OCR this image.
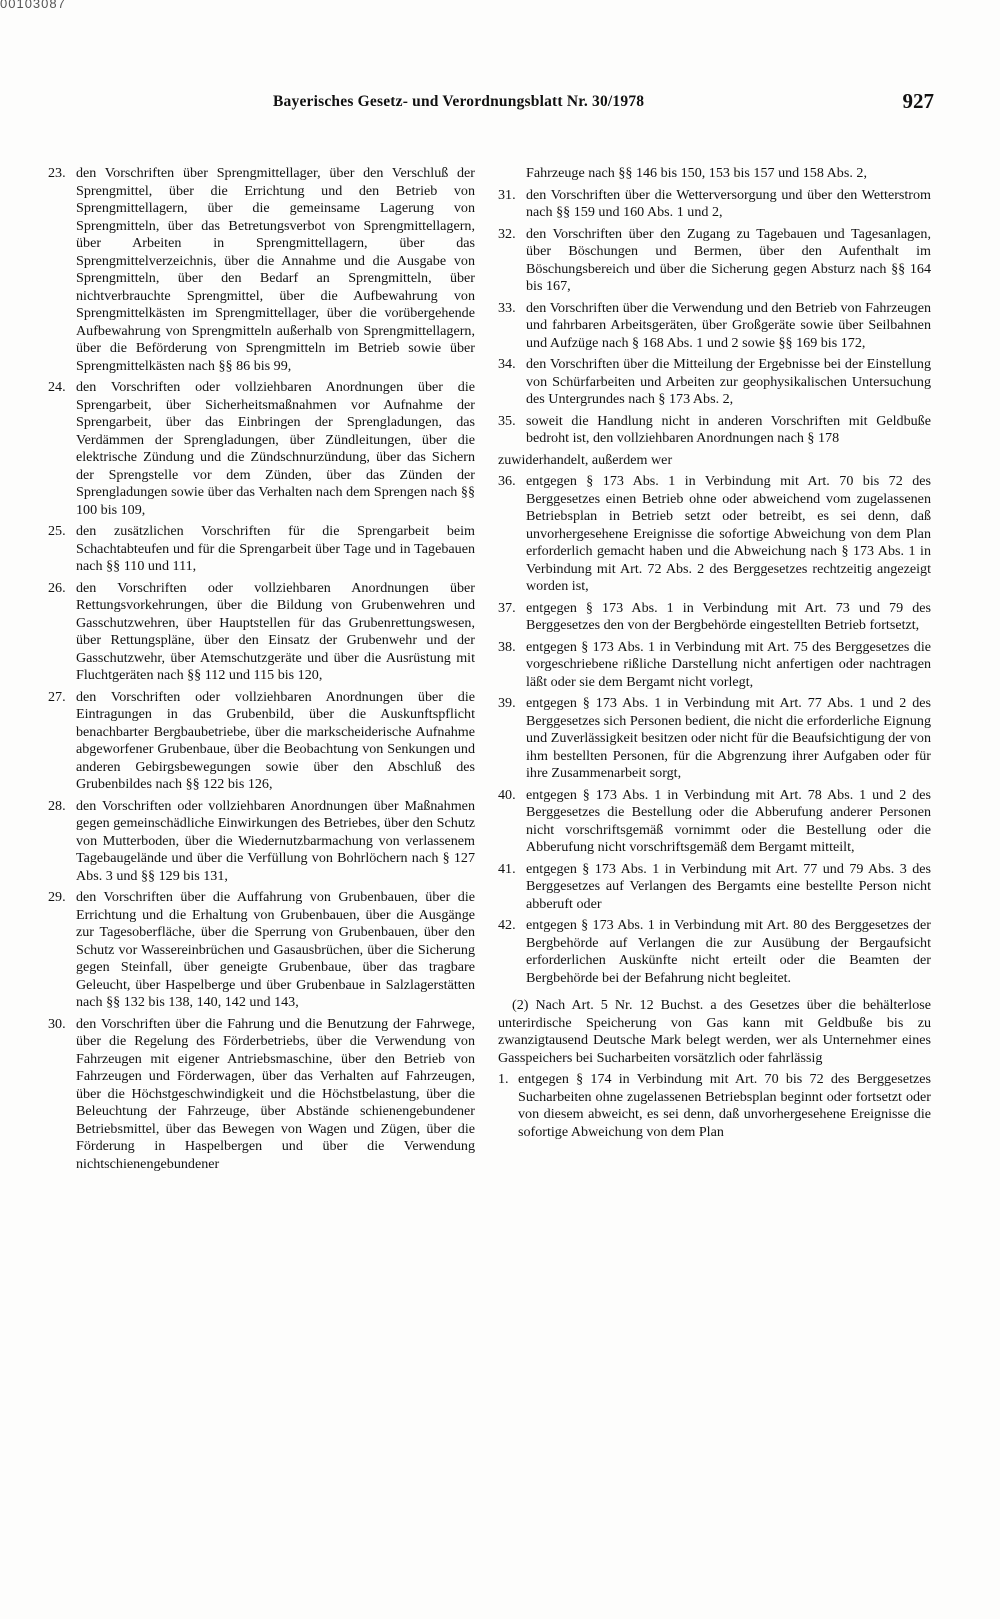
00103087
Bayerisches Gesetz- und Verordnungsblatt Nr. 30/1978	927
23. den Vorschriften über Sprengmittellager, über den Verschluß der Sprengmittel, über die Errichtung und den Betrieb von Sprengmittellagern, über die gemeinsame Lagerung von Sprengmitteln, über das Betretungsverbot von Sprengmittellagern, über Arbeiten in Sprengmittellagern, über das Sprengmittelverzeichnis, über die Annahme und die Ausgabe von Sprengmitteln, über den Bedarf an Sprengmitteln, über nichtverbrauchte Sprengmittel, über die Aufbewahrung von Sprengmittelkästen im Sprengmittellager, über die vorübergehende Aufbewahrung von Sprengmitteln außerhalb von Sprengmittellagern, über die Beförderung von Sprengmitteln im Betrieb sowie über Sprengmittelkästen nach §§ 86 bis 99,
24. den Vorschriften oder vollziehbaren Anordnungen über die Sprengarbeit, über Sicherheitsmaßnahmen vor Aufnahme der Sprengarbeit, über das Einbringen der Sprengladungen, das Verdämmen der Sprengladungen, über Zündleitungen, über die elektrische Zündung und die Zündschnurzündung, über das Sichern der Sprengstelle vor dem Zünden, über das Zünden der Sprengladungen sowie über das Verhalten nach dem Sprengen nach §§ 100 bis 109,
25. den zusätzlichen Vorschriften für die Sprengarbeit beim Schachtabteufen und für die Sprengarbeit über Tage und in Tagebauen nach §§ 110 und 111,
26. den Vorschriften oder vollziehbaren Anordnungen über Rettungsvorkehrungen, über die Bildung von Grubenwehren und Gasschutzwehren, über Hauptstellen für das Grubenrettungswesen, über Rettungspläne, über den Einsatz der Grubenwehr und der Gasschutzwehr, über Atemschutzgeräte und über die Ausrüstung mit Fluchtgeräten nach §§ 112 und 115 bis 120,
27. den Vorschriften oder vollziehbaren Anordnungen über die Eintragungen in das Grubenbild, über die Auskunftspflicht benachbarter Bergbaubetriebe, über die markscheiderische Aufnahme abgeworfener Grubenbaue, über die Beobachtung von Senkungen und anderen Gebirgsbewegungen sowie über den Abschluß des Grubenbildes nach §§ 122 bis 126,
28. den Vorschriften oder vollziehbaren Anordnungen über Maßnahmen gegen gemeinschädliche Einwirkungen des Betriebes, über den Schutz von Mutterboden, über die Wiedernutzbarmachung von verlassenem Tagebaugelände und über die Verfüllung von Bohrlöchern nach § 127 Abs. 3 und §§ 129 bis 131,
29. den Vorschriften über die Auffahrung von Grubenbauen, über die Errichtung und die Erhaltung von Grubenbauen, über die Ausgänge zur Tagesoberfläche, über die Sperrung von Grubenbauen, über den Schutz vor Wassereinbrüchen und Gasausbrüchen, über die Sicherung gegen Steinfall, über geneigte Grubenbaue, über das tragbare Geleucht, über Haspelberge und über Grubenbaue in Salzlagerstätten nach §§ 132 bis 138, 140, 142 und 143,
30. den Vorschriften über die Fahrung und die Benutzung der Fahrwege, über die Regelung des Förderbetriebs, über die Verwendung von Fahrzeugen mit eigener Antriebsmaschine, über den Betrieb von Fahrzeugen und Förderwagen, über das Verhalten auf Fahrzeugen, über die Höchstgeschwindigkeit und die Höchstbelastung, über die Beleuchtung der Fahrzeuge, über Abstände schienengebundener Betriebsmittel, über das Bewegen von Wagen und Zügen, über die Förderung in Haspelbergen und über die Verwendung nichtschienengebundener
Fahrzeuge nach §§ 146 bis 150, 153 bis 157 und 158 Abs. 2,
31. den Vorschriften über die Wetterversorgung und über den Wetterstrom nach §§ 159 und 160 Abs. 1 und 2,
32. den Vorschriften über den Zugang zu Tagebauen und Tagesanlagen, über Böschungen und Bermen, über den Aufenthalt im Böschungsbereich und über die Sicherung gegen Absturz nach §§ 164 bis 167,
33. den Vorschriften über die Verwendung und den Betrieb von Fahrzeugen und fahrbaren Arbeitsgeräten, über Großgeräte sowie über Seilbahnen und Aufzüge nach § 168 Abs. 1 und 2 sowie §§ 169 bis 172,
34. den Vorschriften über die Mitteilung der Ergebnisse bei der Einstellung von Schürfarbeiten und Arbeiten zur geophysikalischen Untersuchung des Untergrundes nach § 173 Abs. 2,
35. soweit die Handlung nicht in anderen Vorschriften mit Geldbuße bedroht ist, den vollziehbaren Anordnungen nach § 178
zuwiderhandelt, außerdem wer
36. entgegen § 173 Abs. 1 in Verbindung mit Art. 70 bis 72 des Berggesetzes einen Betrieb ohne oder abweichend vom zugelassenen Betriebsplan in Betrieb setzt oder betreibt, es sei denn, daß unvorhergesehene Ereignisse die sofortige Abweichung von dem Plan erforderlich gemacht haben und die Abweichung nach § 173 Abs. 1 in Verbindung mit Art. 72 Abs. 2 des Berggesetzes rechtzeitig angezeigt worden ist,
37. entgegen § 173 Abs. 1 in Verbindung mit Art. 73 und 79 des Berggesetzes den von der Bergbehörde eingestellten Betrieb fortsetzt,
38. entgegen § 173 Abs. 1 in Verbindung mit Art. 75 des Berggesetzes die vorgeschriebene rißliche Darstellung nicht anfertigen oder nachtragen läßt oder sie dem Bergamt nicht vorlegt,
39. entgegen § 173 Abs. 1 in Verbindung mit Art. 77 Abs. 1 und 2 des Berggesetzes sich Personen bedient, die nicht die erforderliche Eignung und Zuverlässigkeit besitzen oder nicht für die Beaufsichtigung der von ihm bestellten Personen, für die Abgrenzung ihrer Aufgaben oder für ihre Zusammenarbeit sorgt,
40. entgegen § 173 Abs. 1 in Verbindung mit Art. 78 Abs. 1 und 2 des Berggesetzes die Bestellung oder die Abberufung anderer Personen nicht vorschriftsgemäß vornimmt oder die Bestellung oder die Abberufung nicht vorschriftsgemäß dem Bergamt mitteilt,
41. entgegen § 173 Abs. 1 in Verbindung mit Art. 77 und 79 Abs. 3 des Berggesetzes auf Verlangen des Bergamts eine bestellte Person nicht abberuft oder
42. entgegen § 173 Abs. 1 in Verbindung mit Art. 80 des Berggesetzes der Bergbehörde auf Verlangen die zur Ausübung der Bergaufsicht erforderlichen Auskünfte nicht erteilt oder die Beamten der Bergbehörde bei der Befahrung nicht begleitet.
(2) Nach Art. 5 Nr. 12 Buchst. a des Gesetzes über die behälterlose unterirdische Speicherung von Gas kann mit Geldbuße bis zu zwanzigtausend Deutsche Mark belegt werden, wer als Unternehmer eines Gasspeichers bei Sucharbeiten vorsätzlich oder fahrlässig
1. entgegen § 174 in Verbindung mit Art. 70 bis 72 des Berggesetzes Sucharbeiten ohne zugelassenen Betriebsplan beginnt oder fortsetzt oder von diesem abweicht, es sei denn, daß unvorhergesehene Ereignisse die sofortige Abweichung von dem Plan
